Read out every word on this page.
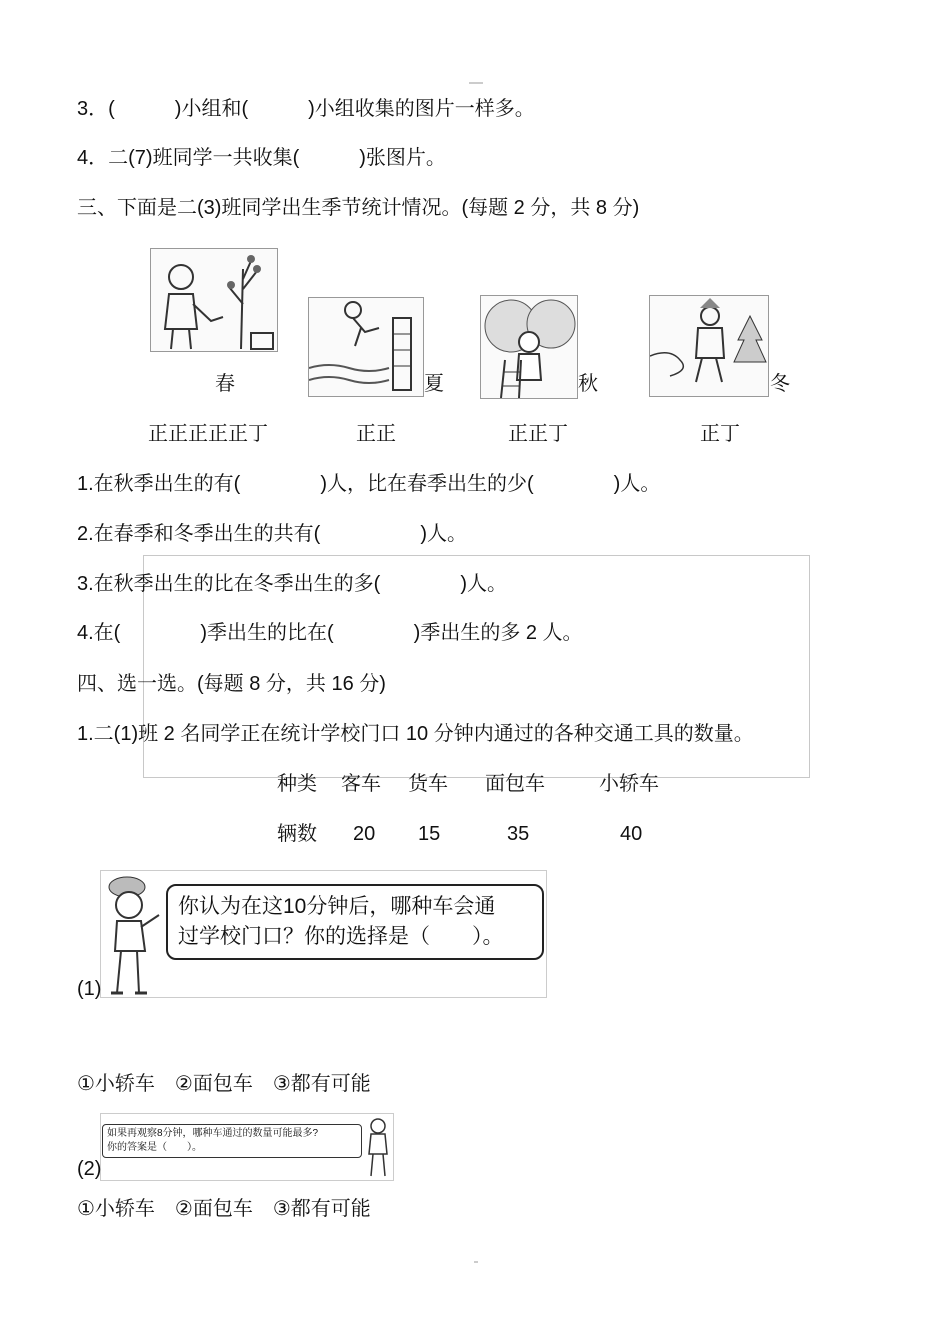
3．(　　　)小组和(　　　)小组收集的图片一样多。
4．二(7)班同学一共收集(　　　)张图片。
三、下面是二(3)班同学出生季节统计情况。(每题 2 分，共 8 分)
春	夏	秋	冬
正正正正正丁	正正	正正丁	正丁
1.在秋季出生的有(　　　　)人，比在春季出生的少(　　　　)人。
2.在春季和冬季出生的共有(　　　　　)人。
3.在秋季出生的比在冬季出生的多(　　　　)人。
4.在(　　　　)季出生的比在(　　　　)季出生的多 2 人。
四、选一选。(每题 8 分，共 16 分)
1.二(1)班 2 名同学正在统计学校门口 10 分钟内通过的各种交通工具的数量。
种类 客车 货车 面包车	小轿车
辆数 20 15	35	40
你认为在这10分钟后，哪种车会通
过学校门口？你的选择是（　　）。
(1)
①小轿车　②面包车　③都有可能
如果再观察8分钟，哪种车通过的数量可能最多?
你的答案是（　　）。
(2)
①小轿车　②面包车　③都有可能
